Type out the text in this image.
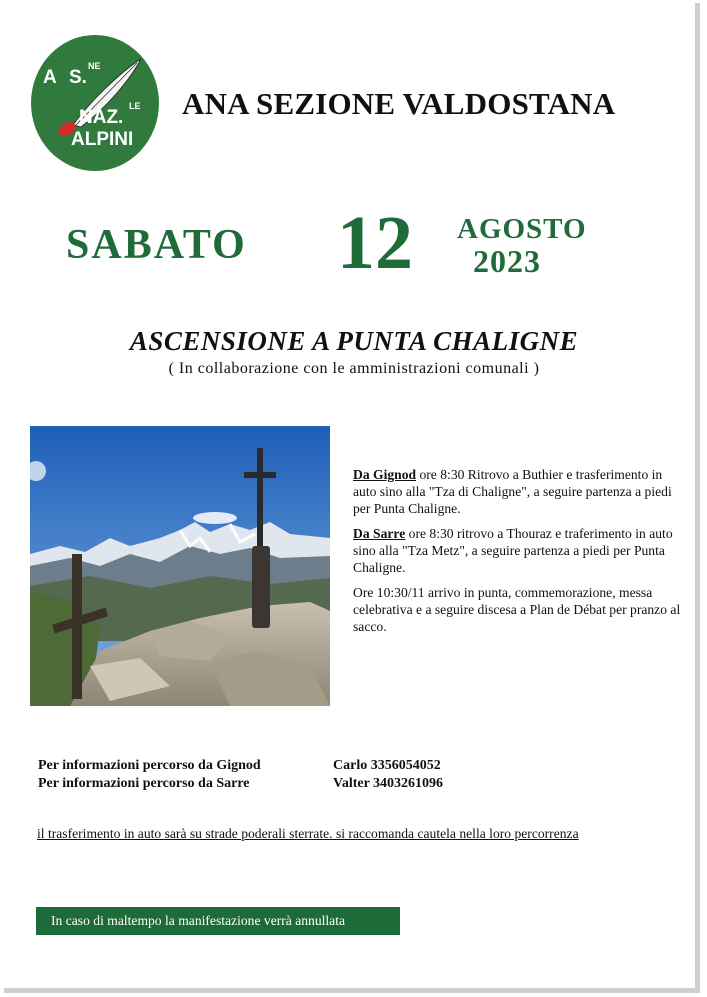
A S.
NE
NAZ.
LE
ALPINI
ANA SEZIONE VALDOSTANA
SABATO 12 AGOSTO
2023
ASCENSIONE A PUNTA CHALIGNE
( In collaborazione con le amministrazioni comunali )

Da Gignod ore 8:30 Ritrovo a Buthier e trasferimento in auto sino alla "Tza di Chaligne", a seguire partenza a piedi per Punta Chaligne.

Da Sarre ore 8:30 ritrovo a Thouraz e traferimento in auto sino alla "Tza Metz", a seguire partenza a piedi per Punta Chaligne.

Ore 10:30/11 arrivo in punta, commemorazione, messa celebrativa e a seguire discesa a Plan de Débat per pranzo al sacco.

Per informazioni percorso da Gignod	Carlo 3356054052
Per informazioni percorso da Sarre	Valter 3403261096
il trasferimento in auto sarà su strade poderali sterrate. si raccomanda cautela nella loro percorrenza
In caso di maltempo la manifestazione verrà annullata
